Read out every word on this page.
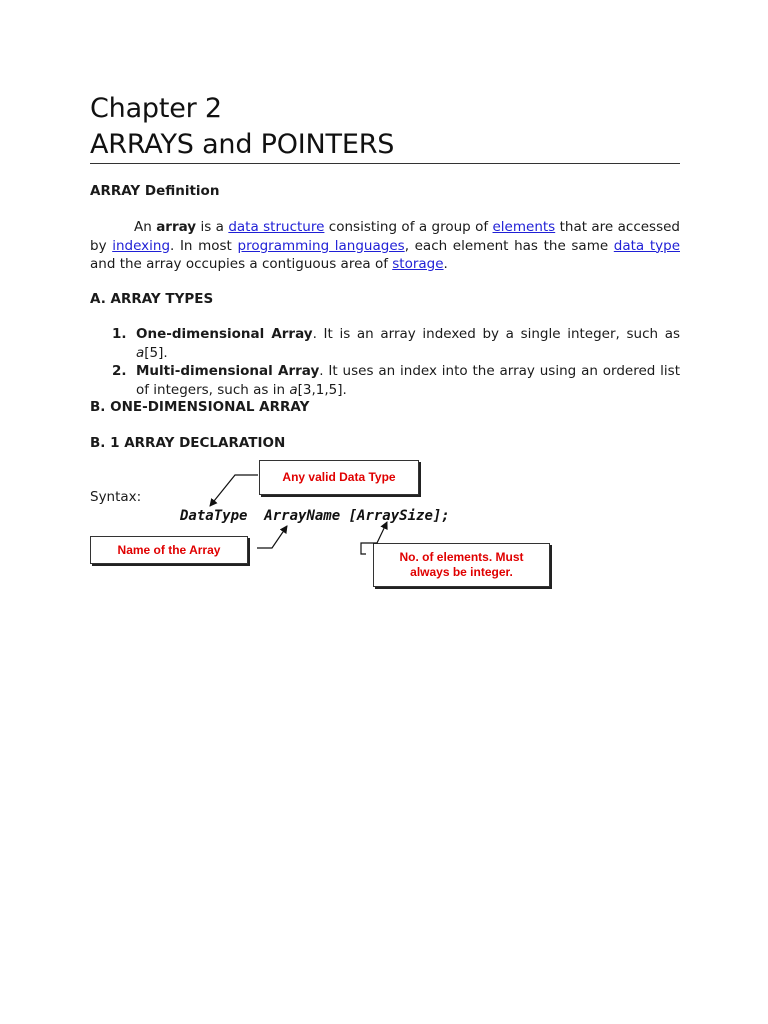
Chapter 2
ARRAYS and POINTERS
ARRAY Definition
An array is a data structure consisting of a group of elements that are accessed by indexing. In most programming languages, each element has the same data type and the array occupies a contiguous area of storage.
A. ARRAY TYPES
1. One-dimensional Array. It is an array indexed by a single integer, such as a[5].
2. Multi-dimensional Array. It uses an index into the array using an ordered list of integers, such as in a[3,1,5].
B. ONE-DIMENSIONAL ARRAY
B. 1 ARRAY DECLARATION
Syntax:
DataType ArrayName [ArraySize];
Any valid Data Type
Name of the Array
No. of elements. Must always be integer.
